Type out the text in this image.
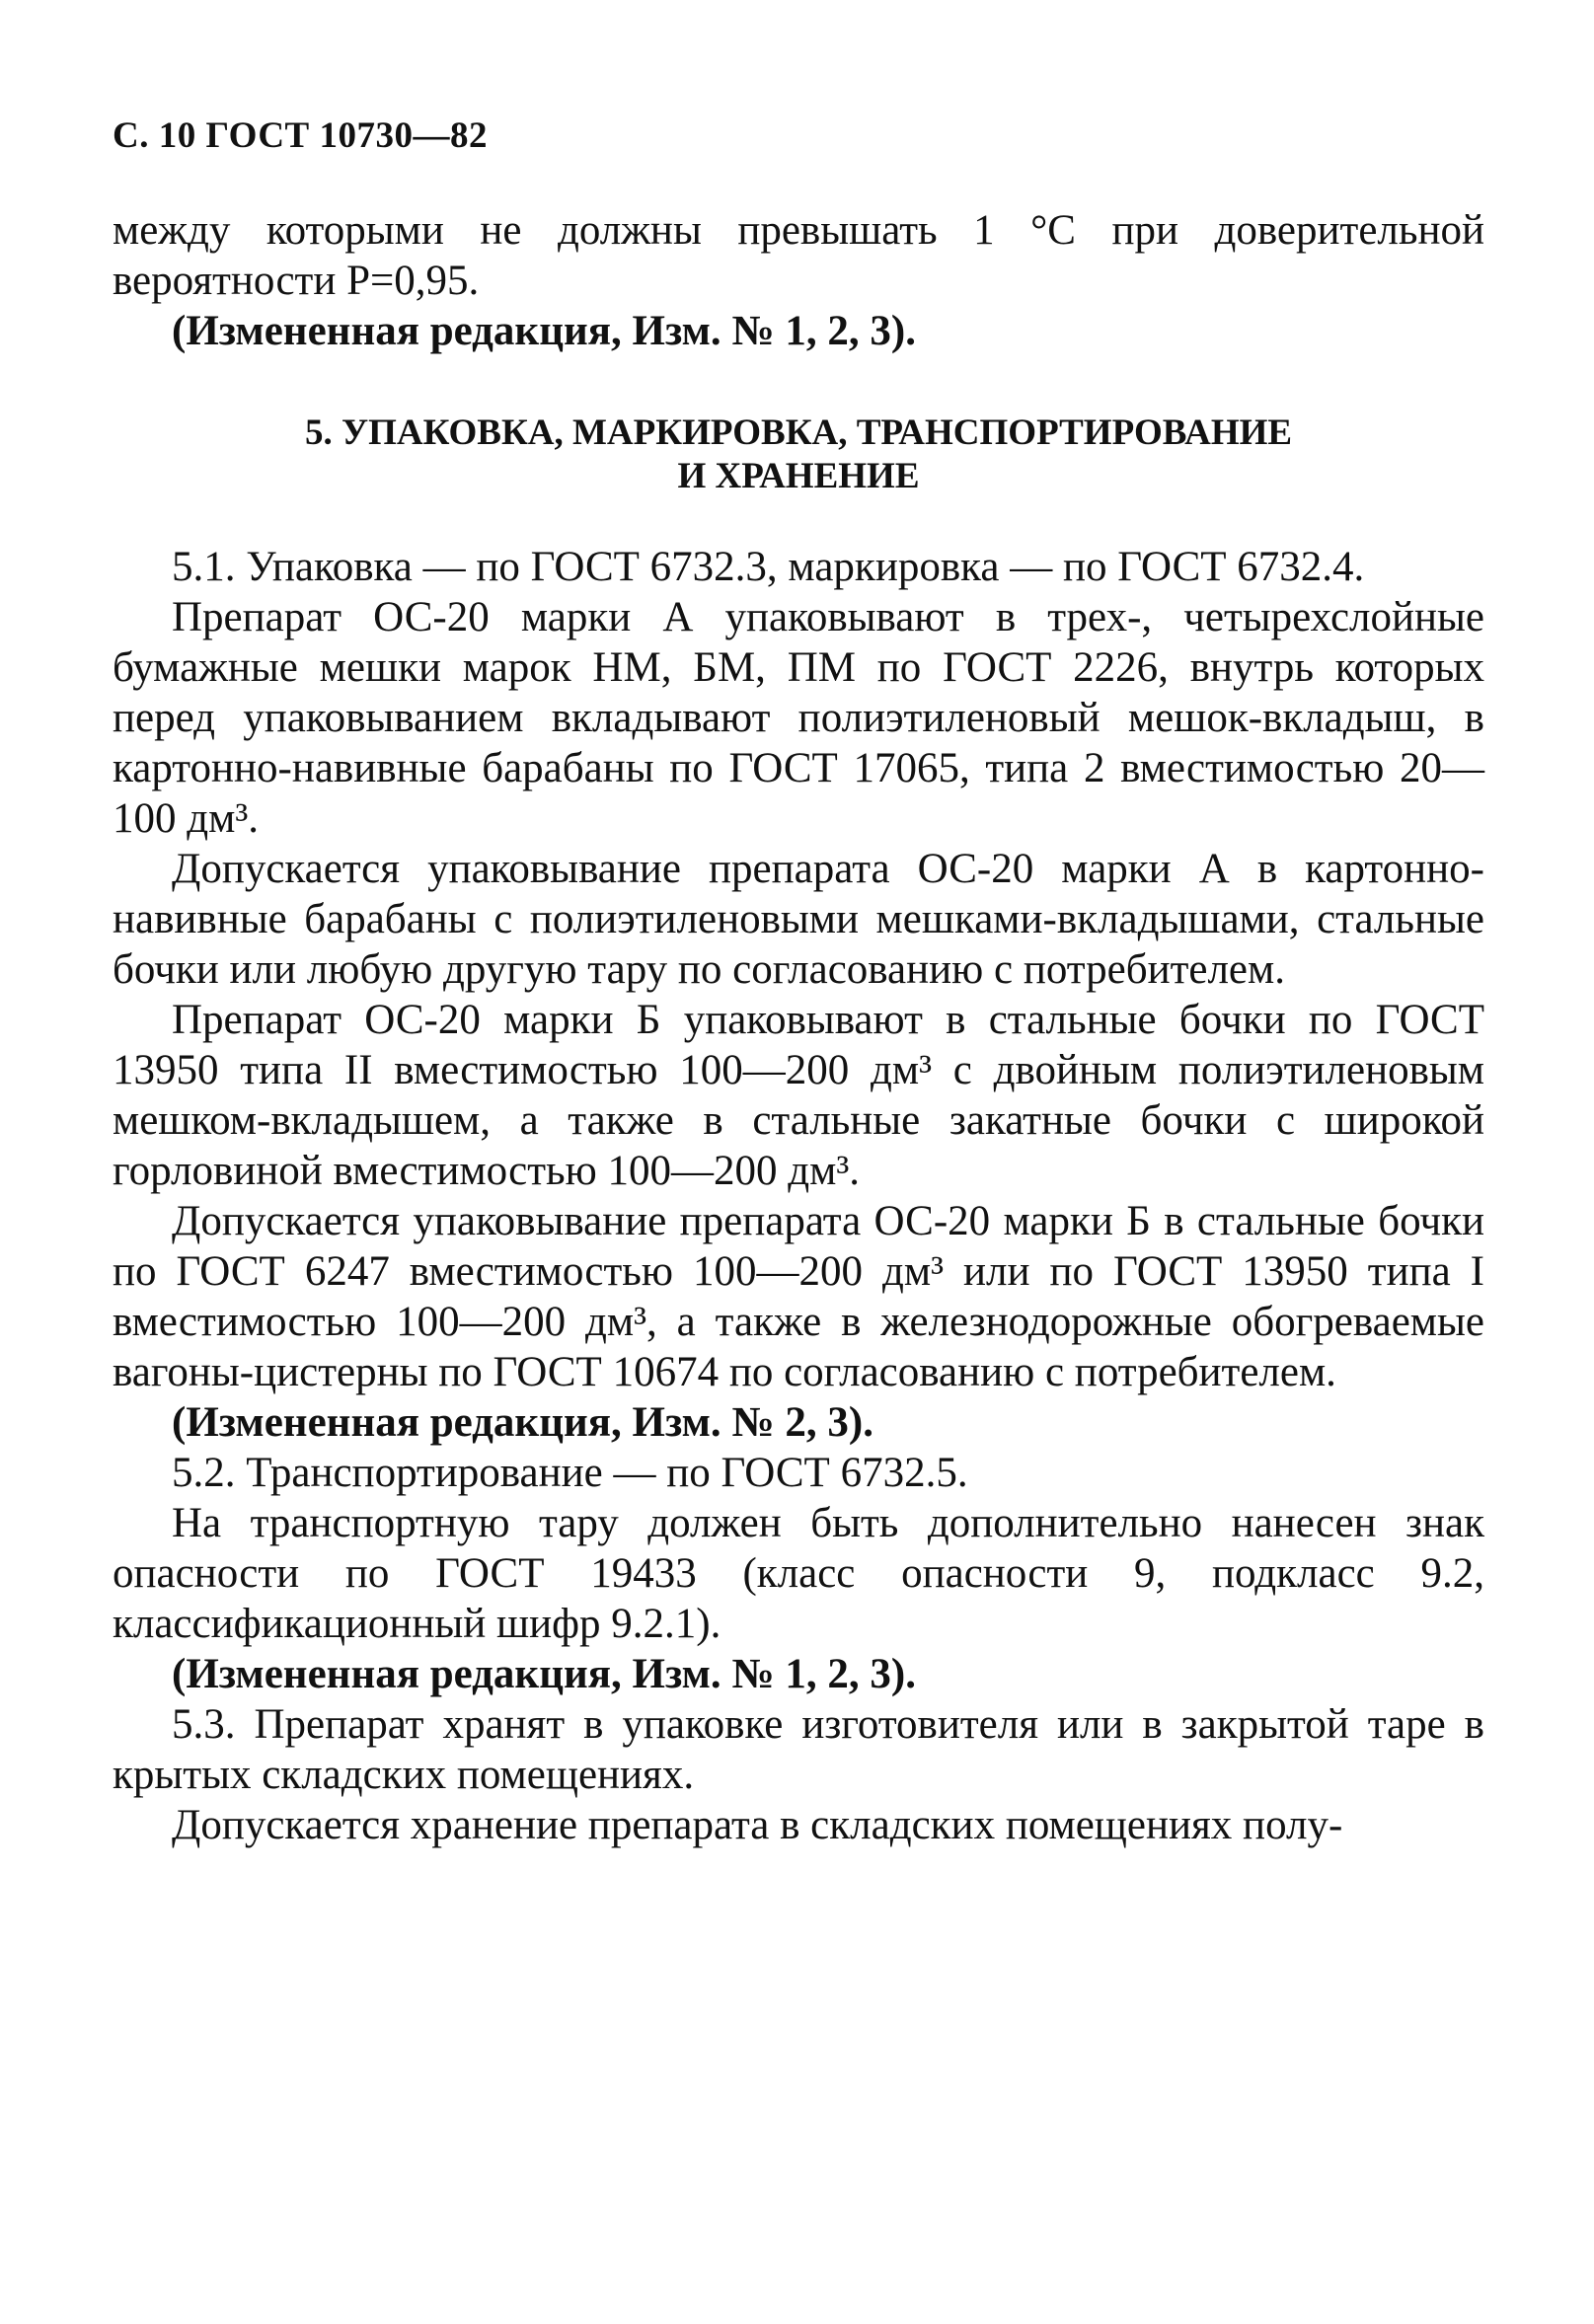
С. 10 ГОСТ 10730—82

между которыми не должны превышать 1 °С при доверительной вероятности Р=0,95.

(Измененная редакция, Изм. № 1, 2, 3).

5. УПАКОВКА, МАРКИРОВКА, ТРАНСПОРТИРОВАНИЕ
И ХРАНЕНИЕ

5.1. Упаковка — по ГОСТ 6732.3, маркировка — по ГОСТ 6732.4.

Препарат ОС-20 марки А упаковывают в трех-, четырехслойные бумажные мешки марок НМ, БМ, ПМ по ГОСТ 2226, внутрь которых перед упаковыванием вкладывают полиэтиленовый мешок-вкладыш, в картонно-навивные барабаны по ГОСТ 17065, типа 2 вместимостью 20—100 дм³.

Допускается упаковывание препарата ОС-20 марки А в картонно-навивные барабаны с полиэтиленовыми мешками-вкладышами, стальные бочки или любую другую тару по согласованию с потребителем.

Препарат ОС-20 марки Б упаковывают в стальные бочки по ГОСТ 13950 типа II вместимостью 100—200 дм³ с двойным полиэтиленовым мешком-вкладышем, а также в стальные закатные бочки с широкой горловиной вместимостью 100—200 дм³.

Допускается упаковывание препарата ОС-20 марки Б в стальные бочки по ГОСТ 6247 вместимостью 100—200 дм³ или по ГОСТ 13950 типа I вместимостью 100—200 дм³, а также в железнодорожные обогреваемые вагоны-цистерны по ГОСТ 10674 по согласованию с потребителем.

(Измененная редакция, Изм. № 2, 3).

5.2. Транспортирование — по ГОСТ 6732.5.

На транспортную тару должен быть дополнительно нанесен знак опасности по ГОСТ 19433 (класс опасности 9, подкласс 9.2, классификационный шифр 9.2.1).

(Измененная редакция, Изм. № 1, 2, 3).

5.3. Препарат хранят в упаковке изготовителя или в закрытой таре в крытых складских помещениях.

Допускается хранение препарата в складских помещениях полу-
